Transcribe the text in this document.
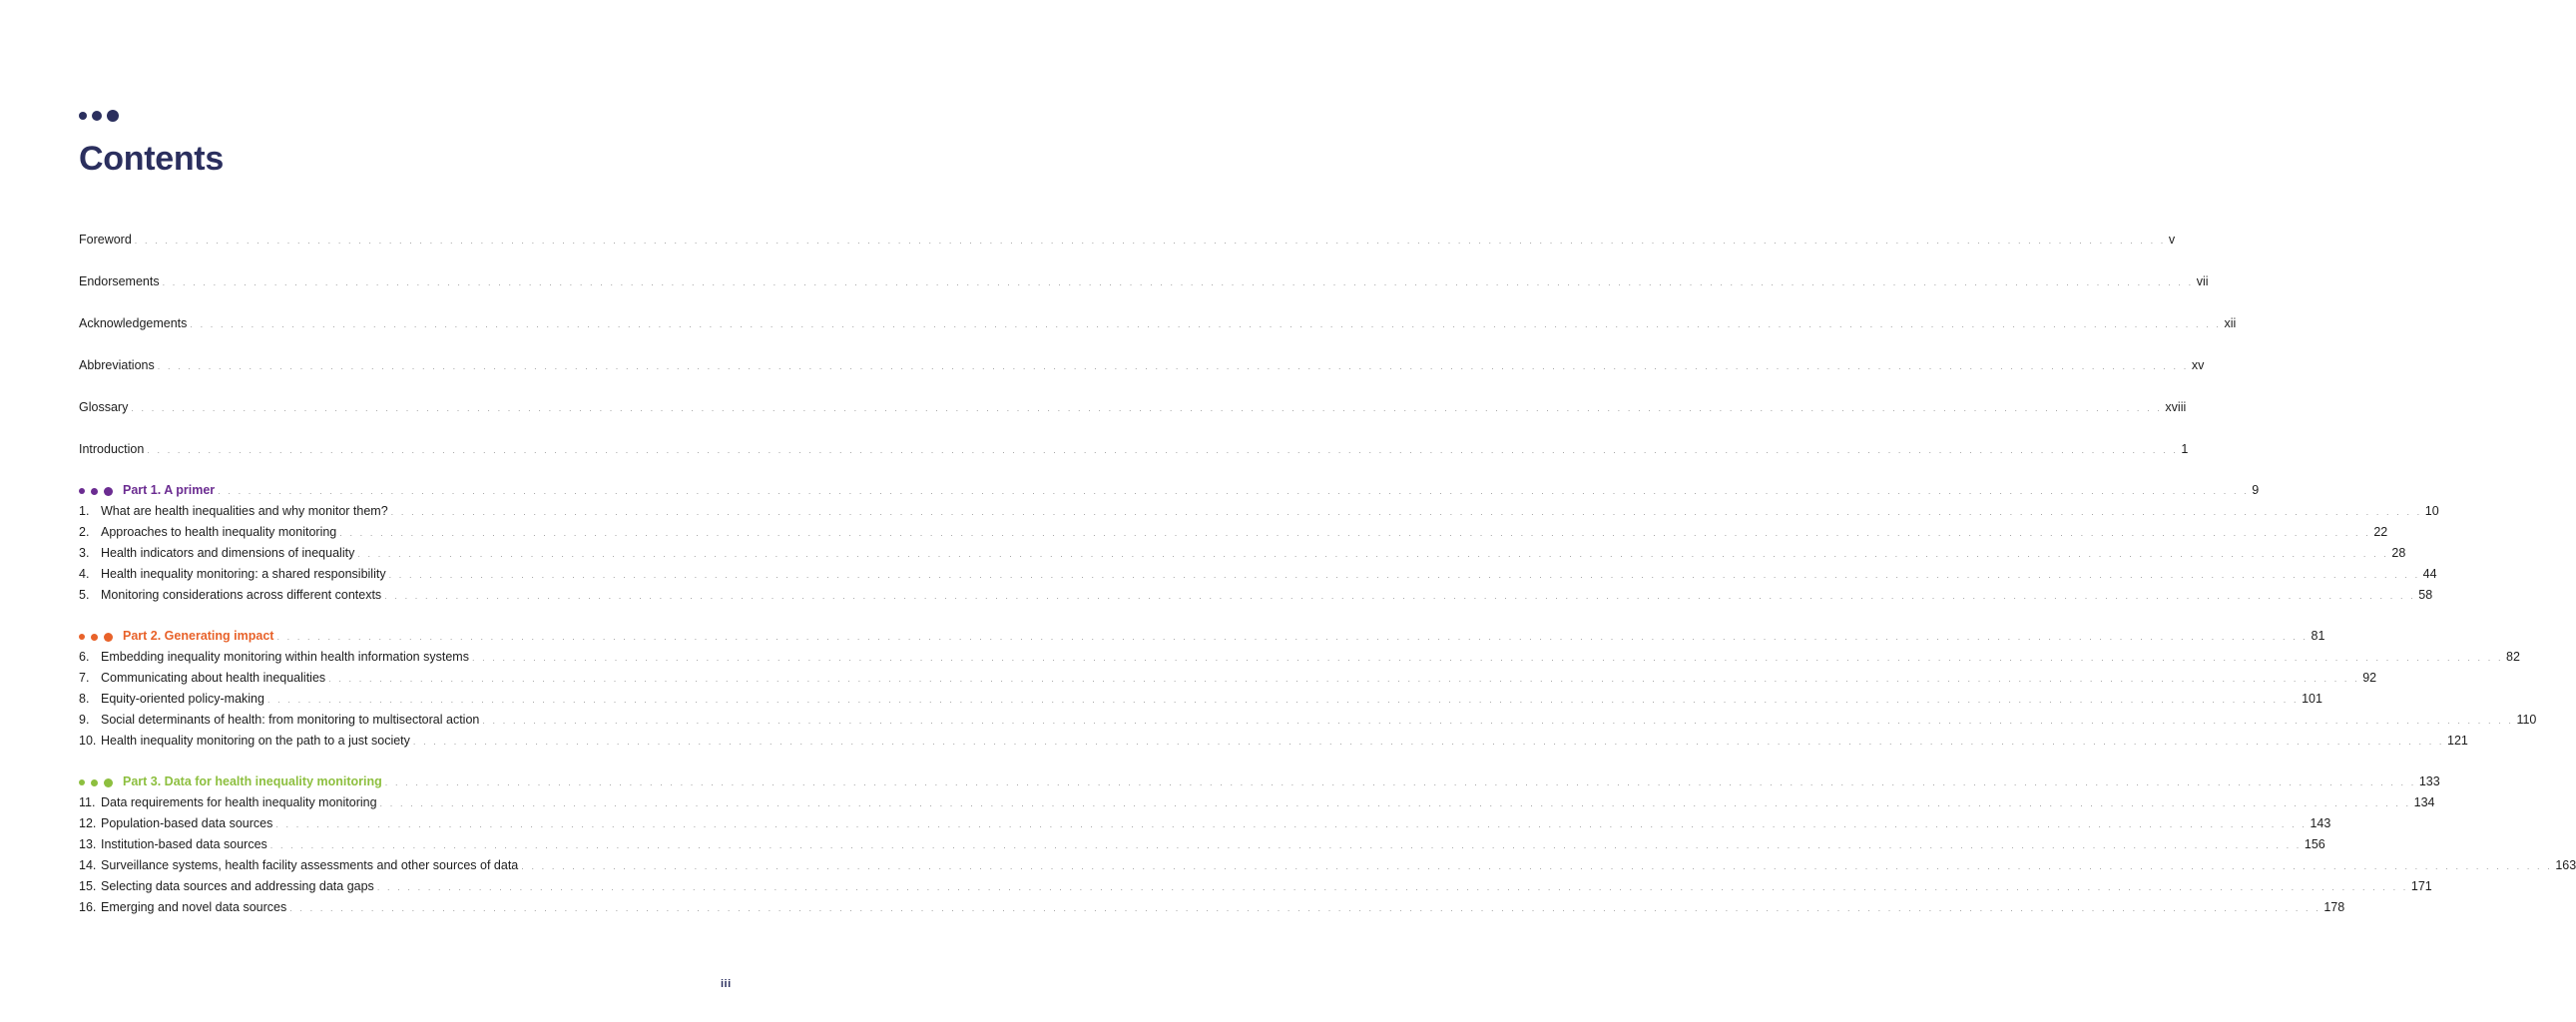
Contents
Foreword . . . . . . . . . . . . . . . . . . . . . . . . . . . . . . . . . . . . . . . . . . . . . . . . . . . . . . . . . . . . . . . . . . . . . . . . . . . . . . . . . . . . . . . . . . . . . . . . . . . . . . . . . . . . . . . . . . . . . . . . . . . . . . . . . . . . . . . . . . . . . . . . . . . . . . . . . . . . . . . . . . . . . . . . . . . . . . . . . . . . . . . . . . . . . . . . . . . . . . . . v
Endorsements . . . . . . . . . . . . . . . . . . . . . . . . . . . . . . . . . . . . . . . . . . . . . . . . . . . . . . . . . . . . . . . . . . . . . . . . . . . . . . . . . . . . . . . . . . . . . . . . . . . . . . . . . . . . . . . . . . . . . . . . . . . . . . . . . . . . . . . . . . . . . . . . . . . . . . . . . . . . . . . . . . . . . . . . . . . . . . . . . . . . . . . . . . . . . . . . . . . . . . . . vii
Acknowledgements . . . . . . . . . . . . . . . . . . . . . . . . . . . . . . . . . . . . . . . . . . . . . . . . . . . . . . . . . . . . . . . . . . . . . . . . . . . . . . . . . . . . . . . . . . . . . . . . . . . . . . . . . . . . . . . . . . . . . . . . . . . . . . . . . . . . . . . . . . . . . . . . . . . . . . . . . . . . . . . . . . . . . . . . . . . . . . . . . . . . . . . . . . . . . . . . . . . . . . . . xii
Abbreviations . . . . . . . . . . . . . . . . . . . . . . . . . . . . . . . . . . . . . . . . . . . . . . . . . . . . . . . . . . . . . . . . . . . . . . . . . . . . . . . . . . . . . . . . . . . . . . . . . . . . . . . . . . . . . . . . . . . . . . . . . . . . . . . . . . . . . . . . . . . . . . . . . . . . . . . . . . . . . . . . . . . . . . . . . . . . . . . . . . . . . . . . . . . . . . . . . . . . . . . . xv
Glossary . . . . . . . . . . . . . . . . . . . . . . . . . . . . . . . . . . . . . . . . . . . . . . . . . . . . . . . . . . . . . . . . . . . . . . . . . . . . . . . . . . . . . . . . . . . . . . . . . . . . . . . . . . . . . . . . . . . . . . . . . . . . . . . . . . . . . . . . . . . . . . . . . . . . . . . . . . . . . . . . . . . . . . . . . . . . . . . . . . . . . . . . . . . . . . . . . . . . . . . . xviii
Introduction . . . . . . . . . . . . . . . . . . . . . . . . . . . . . . . . . . . . . . . . . . . . . . . . . . . . . . . . . . . . . . . . . . . . . . . . . . . . . . . . . . . . . . . . . . . . . . . . . . . . . . . . . . . . . . . . . . . . . . . . . . . . . . . . . . . . . . . . . . . . . . . . . . . . . . . . . . . . . . . . . . . . . . . . . . . . . . . . . . . . . . . . . . . . . . . . . . . . . . . . 1
Part 1. A primer . . . . . . . . . . . . . . . . . . . . . . . . . . . . . . . . . . . . . . . . . . . . . . . . . . . . . . . . . . . . . . . . . . . . . . . . . . . . . . . . . . . . . . . . . . . . . . . . . . . . . . . . . . . . . . . . . . . . . . . . . . . . . . . . . . . . . . . . . . . . . . . . . . . . . . . . . . . . . . . . . . . . . . . . . . . . . . . . . . . . . . . . . . . . . . . . . . . . . . . . 9
1. What are health inequalities and why monitor them? . . . . . . . . . . . . . . . . . . . . . . . . . . . . . . . . . . . . . . . . . . . . . . . . . . . . . . . . . . . . . . . . . . . . . . . . . . . . . . . . . . . . . . . . . . . . . . . . . . . . . . . . . . . . . . . . . . . . . . . . . . . . . . . . . . . . . . . . . . . . . . . . . . . . . . . . . . . . . . . . . . . . . . . . . . . . . . . . . . . . . . . . . . . . . . . . . . . . . . . . 10
2. Approaches to health inequality monitoring . . . . . . . . . . . . . . . . . . . . . . . . . . . . . . . . . . . . . . . . . . . . . . . . . . . . . . . . . . . . . . . . . . . . . . . . . . . . . . . . . . . . . . . . . . . . . . . . . . . . . . . . . . . . . . . . . . . . . . . . . . . . . . . . . . . . . . . . . . . . . . . . . . . . . . . . . . . . . . . . . . . . . . . . . . . . . . . . . . . . . . . . . . . . . . . . . . . . . . . . 22
3. Health indicators and dimensions of inequality . . . . . . . . . . . . . . . . . . . . . . . . . . . . . . . . . . . . . . . . . . . . . . . . . . . . . . . . . . . . . . . . . . . . . . . . . . . . . . . . . . . . . . . . . . . . . . . . . . . . . . . . . . . . . . . . . . . . . . . . . . . . . . . . . . . . . . . . . . . . . . . . . . . . . . . . . . . . . . . . . . . . . . . . . . . . . . . . . . . . . . . . . . . . . . . . . . . . . . . . 28
4. Health inequality monitoring: a shared responsibility . . . . . . . . . . . . . . . . . . . . . . . . . . . . . . . . . . . . . . . . . . . . . . . . . . . . . . . . . . . . . . . . . . . . . . . . . . . . . . . . . . . . . . . . . . . . . . . . . . . . . . . . . . . . . . . . . . . . . . . . . . . . . . . . . . . . . . . . . . . . . . . . . . . . . . . . . . . . . . . . . . . . . . . . . . . . . . . . . . . . . . . . . . . . . . . . . . . . . . . . 44
5. Monitoring considerations across different contexts . . . . . . . . . . . . . . . . . . . . . . . . . . . . . . . . . . . . . . . . . . . . . . . . . . . . . . . . . . . . . . . . . . . . . . . . . . . . . . . . . . . . . . . . . . . . . . . . . . . . . . . . . . . . . . . . . . . . . . . . . . . . . . . . . . . . . . . . . . . . . . . . . . . . . . . . . . . . . . . . . . . . . . . . . . . . . . . . . . . . . . . . . . . . . . . . . . . . . . . . 58
Part 2. Generating impact . . . . . . . . . . . . . . . . . . . . . . . . . . . . . . . . . . . . . . . . . . . . . . . . . . . . . . . . . . . . . . . . . . . . . . . . . . . . . . . . . . . . . . . . . . . . . . . . . . . . . . . . . . . . . . . . . . . . . . . . . . . . . . . . . . . . . . . . . . . . . . . . . . . . . . . . . . . . . . . . . . . . . . . . . . . . . . . . . . . . . . . . . . . . . . . . . . . . . . . . 81
6. Embedding inequality monitoring within health information systems . . . . . . . . . . . . . . . . . . . . . . . . . . . . . . . . . . . . . . . . . . . . . . . . . . . . . . . . . . . . . . . . . . . . . . . . . . . . . . . . . . . . . . . . . . . . . . . . . . . . . . . . . . . . . . . . . . . . . . . . . . . . . . . . . . . . . . . . . . . . . . . . . . . . . . . . . . . . . . . . . . . . . . . . . . . . . . . . . . . . . . . . . . . . . . . . . . . . . . . . 82
7. Communicating about health inequalities . . . . . . . . . . . . . . . . . . . . . . . . . . . . . . . . . . . . . . . . . . . . . . . . . . . . . . . . . . . . . . . . . . . . . . . . . . . . . . . . . . . . . . . . . . . . . . . . . . . . . . . . . . . . . . . . . . . . . . . . . . . . . . . . . . . . . . . . . . . . . . . . . . . . . . . . . . . . . . . . . . . . . . . . . . . . . . . . . . . . . . . . . . . . . . . . . . . . . . . . 92
8. Equity-oriented policy-making . . . . . . . . . . . . . . . . . . . . . . . . . . . . . . . . . . . . . . . . . . . . . . . . . . . . . . . . . . . . . . . . . . . . . . . . . . . . . . . . . . . . . . . . . . . . . . . . . . . . . . . . . . . . . . . . . . . . . . . . . . . . . . . . . . . . . . . . . . . . . . . . . . . . . . . . . . . . . . . . . . . . . . . . . . . . . . . . . . . . . . . . . . . . . . . . . . . . . . . . 101
9. Social determinants of health: from monitoring to multisectoral action . . . . . . . . . . . . . . . . . . . . . . . . . . . . . . . . . . . . . . . . . . . . . . . . . . . . . . . . . . . . . . . . . . . . . . . . . . . . . . . . . . . . . . . . . . . . . . . . . . . . . . . . . . . . . . . . . . . . . . . . . . . . . . . . . . . . . . . . . . . . . . . . . . . . . . . . . . . . . . . . . . . . . . . . . . . . . . . . . . . . . . . . . . . . . . . . . . . . . . . . 110
10. Health inequality monitoring on the path to a just society . . . . . . . . . . . . . . . . . . . . . . . . . . . . . . . . . . . . . . . . . . . . . . . . . . . . . . . . . . . . . . . . . . . . . . . . . . . . . . . . . . . . . . . . . . . . . . . . . . . . . . . . . . . . . . . . . . . . . . . . . . . . . . . . . . . . . . . . . . . . . . . . . . . . . . . . . . . . . . . . . . . . . . . . . . . . . . . . . . . . . . . . . . . . . . . . . . . . . . . . 121
Part 3. Data for health inequality monitoring . . . . . . . . . . . . . . . . . . . . . . . . . . . . . . . . . . . . . . . . . . . . . . . . . . . . . . . . . . . . . . . . . . . . . . . . . . . . . . . . . . . . . . . . . . . . . . . . . . . . . . . . . . . . . . . . . . . . . . . . . . . . . . . . . . . . . . . . . . . . . . . . . . . . . . . . . . . . . . . . . . . . . . . . . . . . . . . . . . . . . . . . . . . . . . . . . . . . . . . . 133
11. Data requirements for health inequality monitoring . . . . . . . . . . . . . . . . . . . . . . . . . . . . . . . . . . . . . . . . . . . . . . . . . . . . . . . . . . . . . . . . . . . . . . . . . . . . . . . . . . . . . . . . . . . . . . . . . . . . . . . . . . . . . . . . . . . . . . . . . . . . . . . . . . . . . . . . . . . . . . . . . . . . . . . . . . . . . . . . . . . . . . . . . . . . . . . . . . . . . . . . . . . . . . . . . . . . . . . . 134
12. Population-based data sources . . . . . . . . . . . . . . . . . . . . . . . . . . . . . . . . . . . . . . . . . . . . . . . . . . . . . . . . . . . . . . . . . . . . . . . . . . . . . . . . . . . . . . . . . . . . . . . . . . . . . . . . . . . . . . . . . . . . . . . . . . . . . . . . . . . . . . . . . . . . . . . . . . . . . . . . . . . . . . . . . . . . . . . . . . . . . . . . . . . . . . . . . . . . . . . . . . . . . . . . 143
13. Institution-based data sources . . . . . . . . . . . . . . . . . . . . . . . . . . . . . . . . . . . . . . . . . . . . . . . . . . . . . . . . . . . . . . . . . . . . . . . . . . . . . . . . . . . . . . . . . . . . . . . . . . . . . . . . . . . . . . . . . . . . . . . . . . . . . . . . . . . . . . . . . . . . . . . . . . . . . . . . . . . . . . . . . . . . . . . . . . . . . . . . . . . . . . . . . . . . . . . . . . . . . . . . 156
14. Surveillance systems, health facility assessments and other sources of data . . . . . . . . . . . . . . . . . . . . . . . . . . . . . . . . . . . . . . . . . . . . . . . . . . . . . . . . . . . . . . . . . . . . . . . . . . . . . . . . . . . . . . . . . . . . . . . . . . . . . . . . . . . . . . . . . . . . . . . . . . . . . . . . . . . . . . . . . . . . . . . . . . . . . . . . . . . . . . . . . . . . . . . . . . . . . . . . . . . . . . . . . . . . . . . . . . . . . . . . 163
15. Selecting data sources and addressing data gaps . . . . . . . . . . . . . . . . . . . . . . . . . . . . . . . . . . . . . . . . . . . . . . . . . . . . . . . . . . . . . . . . . . . . . . . . . . . . . . . . . . . . . . . . . . . . . . . . . . . . . . . . . . . . . . . . . . . . . . . . . . . . . . . . . . . . . . . . . . . . . . . . . . . . . . . . . . . . . . . . . . . . . . . . . . . . . . . . . . . . . . . . . . . . . . . . . . . . . . . . 171
16. Emerging and novel data sources . . . . . . . . . . . . . . . . . . . . . . . . . . . . . . . . . . . . . . . . . . . . . . . . . . . . . . . . . . . . . . . . . . . . . . . . . . . . . . . . . . . . . . . . . . . . . . . . . . . . . . . . . . . . . . . . . . . . . . . . . . . . . . . . . . . . . . . . . . . . . . . . . . . . . . . . . . . . . . . . . . . . . . . . . . . . . . . . . . . . . . . . . . . . . . . . . . . . . . . . 178
iii
